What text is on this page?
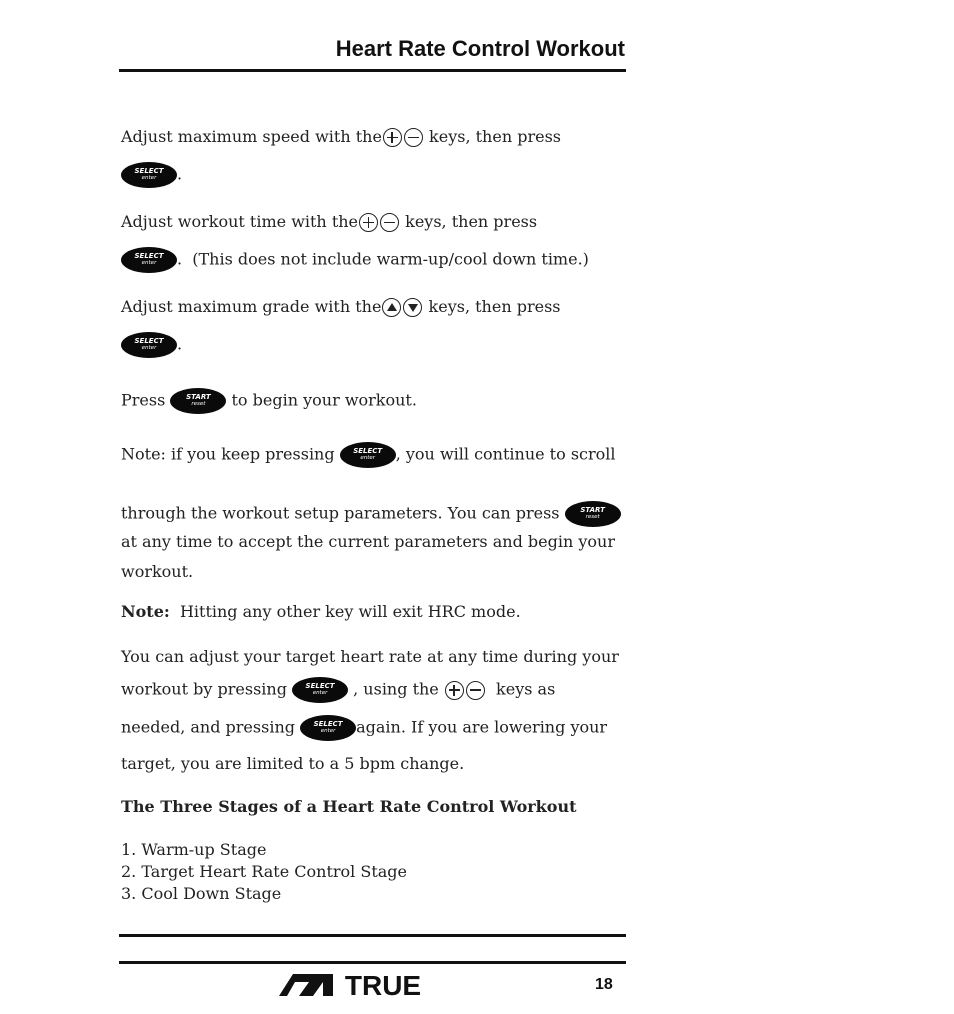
Heart Rate Control Workout
Adjust maximum speed with the	keys, then press
SELECT
enter	.
Adjust workout time with the	keys, then press
SELECT
enter	.  (This does not include warm-up/cool down time.)
Adjust maximum grade with the	keys, then press
SELECT
enter	.
Press	START
reset	to begin your workout.
Note: if you keep pressing	SELECT
enter	, you will continue to scroll
through the workout setup parameters. You can press	START
reset
at any time to accept the current parameters and begin your
workout.
Note: Hitting any other key will exit HRC mode.
You can adjust your target heart rate at any time during your
workout by pressing	SELECT
enter	, using the	keys as
needed, and pressing	SELECT
enter	again. If you are lowering your
target, you are limited to a 5 bpm change.
The Three Stages of a Heart Rate Control Workout
1. Warm-up Stage
2. Target Heart Rate Control Stage
3. Cool Down Stage
TRUE	18
